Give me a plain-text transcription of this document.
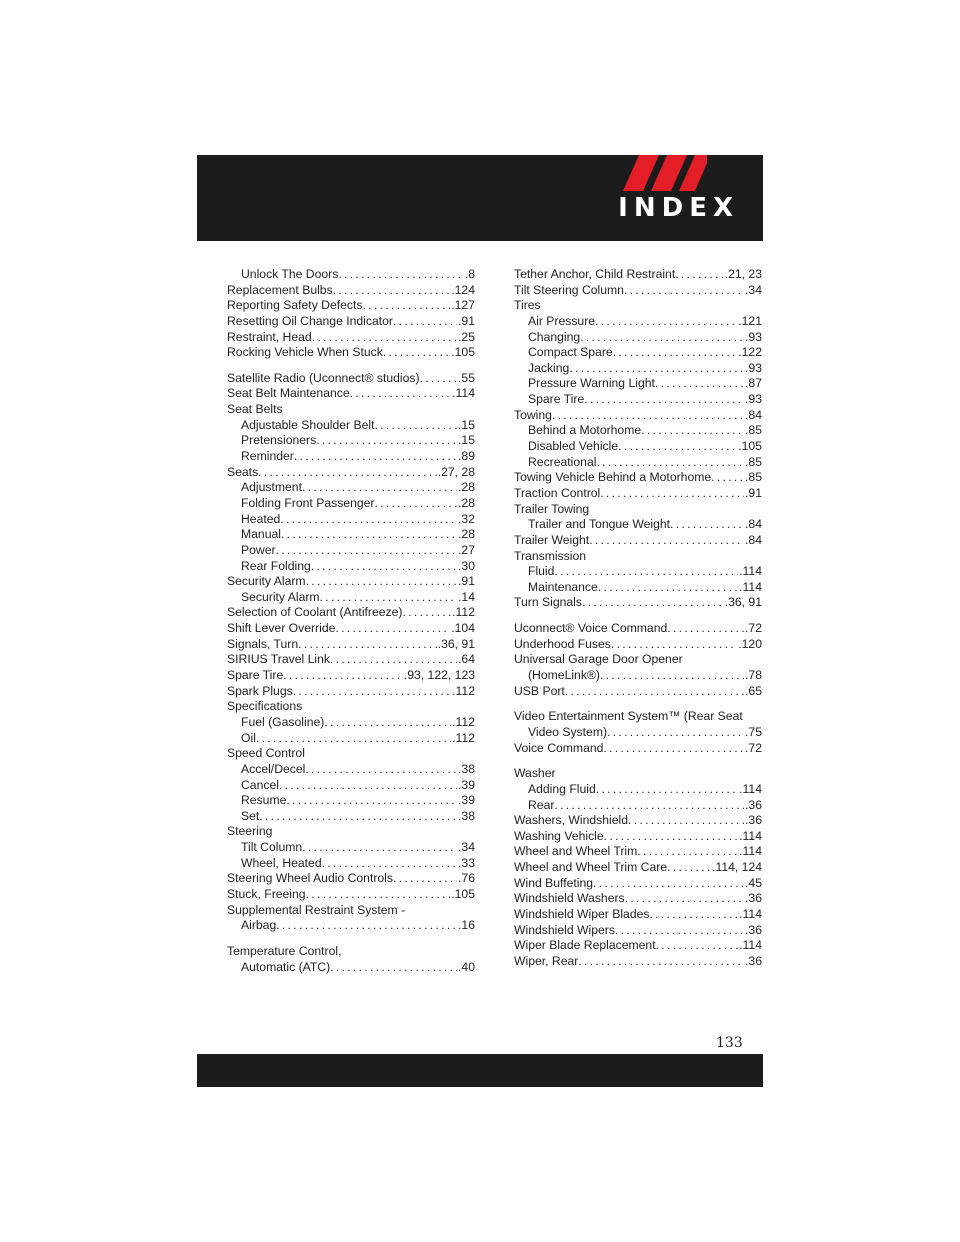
INDEX
Unlock The Doors .....	.8
Replacement Bulbs .....	.124
Reporting Safety Defects .....	.127
Resetting Oil Change Indicator .....	.91
Restraint, Head .....	.25
Rocking Vehicle When Stuck .....	.105
Satellite Radio (Uconnect® studios) .....	.55
Seat Belt Maintenance .....	.114
Seat Belts
Adjustable Shoulder Belt .....	.15
Pretensioners .....	.15
Reminder .....	.89
Seats .....	.27, 28
Adjustment .....	.28
Folding Front Passenger .....	.28
Heated .....	.32
Manual .....	.28
Power .....	.27
Rear Folding .....	.30
Security Alarm .....	.91
Security Alarm .....	.14
Selection of Coolant (Antifreeze) .....	.112
Shift Lever Override .....	.104
Signals, Turn .....	.36, 91
SIRIUS Travel Link .....	.64
Spare Tire .....	.93, 122, 123
Spark Plugs .....	.112
Specifications
Fuel (Gasoline) .....	.112
Oil .....	.112
Speed Control
Accel/Decel .....	.38
Cancel .....	.39
Resume .....	.39
Set .....	.38
Steering
Tilt Column .....	.34
Wheel, Heated .....	.33
Steering Wheel Audio Controls .....	.76
Stuck, Freeing .....	.105
Supplemental Restraint System -
Airbag .....	.16
Temperature Control,
Automatic (ATC) .....	.40
Tether Anchor, Child Restraint .....	.21, 23
Tilt Steering Column .....	.34
Tires
Air Pressure .....	.121
Changing .....	.93
Compact Spare .....	.122
Jacking .....	.93
Pressure Warning Light .....	.87
Spare Tire .....	.93
Towing .....	.84
Behind a Motorhome .....	.85
Disabled Vehicle .....	.105
Recreational .....	.85
Towing Vehicle Behind a Motorhome .....	.85
Traction Control .....	.91
Trailer Towing
Trailer and Tongue Weight .....	.84
Trailer Weight .....	.84
Transmission
Fluid .....	.114
Maintenance .....	.114
Turn Signals .....	.36, 91
Uconnect® Voice Command .....	.72
Underhood Fuses .....	.120
Universal Garage Door Opener
(HomeLink®) .....	.78
USB Port .....	.65
Video Entertainment System™ (Rear Seat
Video System) .....	.75
Voice Command .....	.72
Washer
Adding Fluid .....	.114
Rear .....	.36
Washers, Windshield .....	.36
Washing Vehicle .....	.114
Wheel and Wheel Trim .....	.114
Wheel and Wheel Trim Care .....	.114, 124
Wind Buffeting .....	.45
Windshield Washers .....	.36
Windshield Wiper Blades .....	.114
Windshield Wipers .....	.36
Wiper Blade Replacement .....	.114
Wiper, Rear .....	.36
133
